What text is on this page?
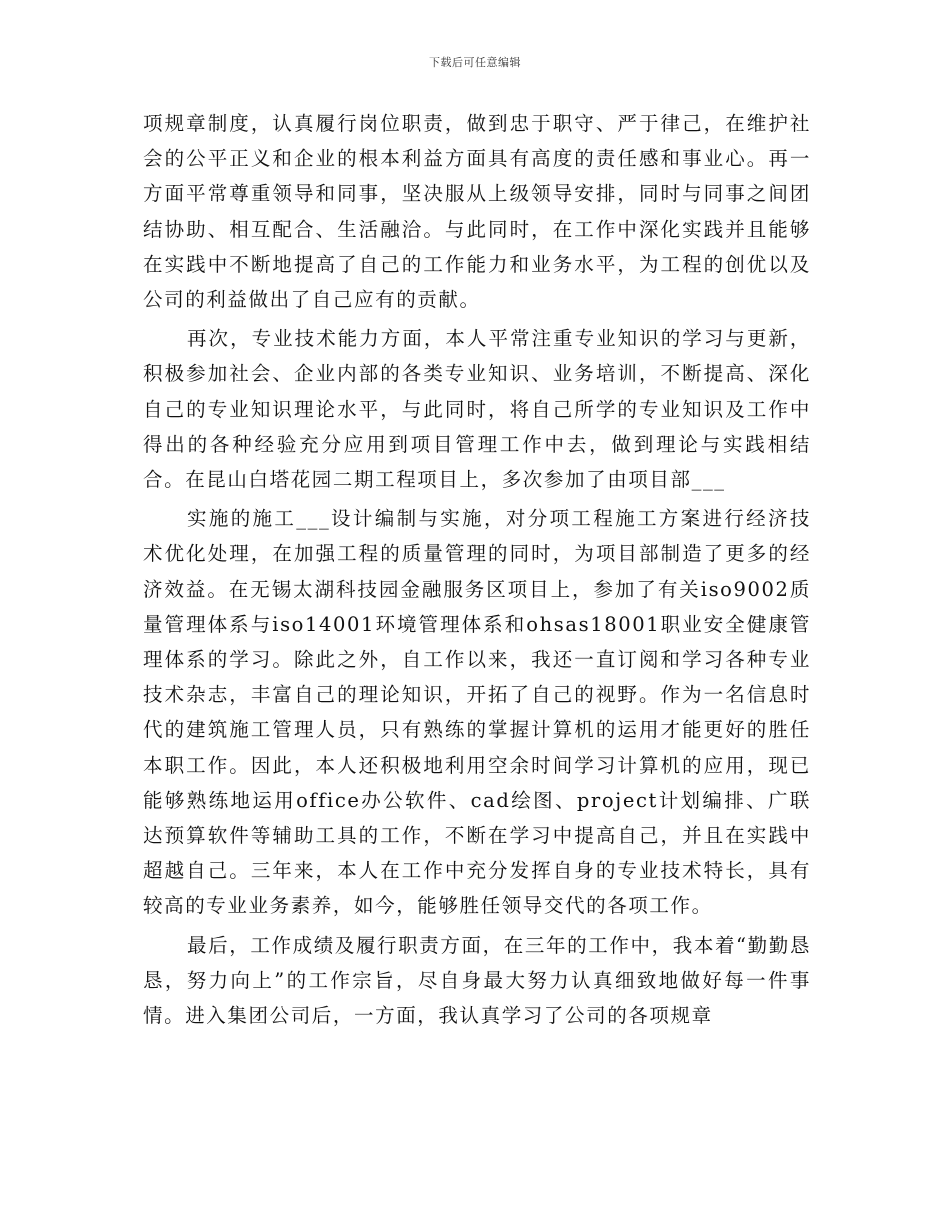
下载后可任意编辑

项规章制度，认真履行岗位职责，做到忠于职守、严于律己，在维护社会的公平正义和企业的根本利益方面具有高度的责任感和事业心。再一方面平常尊重领导和同事，坚决服从上级领导安排，同时与同事之间团结协助、相互配合、生活融洽。与此同时，在工作中深化实践并且能够在实践中不断地提高了自己的工作能力和业务水平，为工程的创优以及公司的利益做出了自己应有的贡献。

再次，专业技术能力方面，本人平常注重专业知识的学习与更新，积极参加社会、企业内部的各类专业知识、业务培训，不断提高、深化自己的专业知识理论水平，与此同时，将自己所学的专业知识及工作中得出的各种经验充分应用到项目管理工作中去，做到理论与实践相结合。在昆山白塔花园二期工程项目上，多次参加了由项目部___

实施的施工___设计编制与实施，对分项工程施工方案进行经济技术优化处理，在加强工程的质量管理的同时，为项目部制造了更多的经济效益。在无锡太湖科技园金融服务区项目上，参加了有关iso9002质量管理体系与iso14001环境管理体系和ohsas18001职业安全健康管理体系的学习。除此之外，自工作以来，我还一直订阅和学习各种专业技术杂志，丰富自己的理论知识，开拓了自己的视野。作为一名信息时代的建筑施工管理人员，只有熟练的掌握计算机的运用才能更好的胜任本职工作。因此，本人还积极地利用空余时间学习计算机的应用，现已能够熟练地运用office办公软件、cad绘图、project计划编排、广联达预算软件等辅助工具的工作，不断在学习中提高自己，并且在实践中超越自己。三年来，本人在工作中充分发挥自身的专业技术特长，具有较高的专业业务素养，如今，能够胜任领导交代的各项工作。

最后，工作成绩及履行职责方面，在三年的工作中，我本着“勤勤恳恳，努力向上”的工作宗旨，尽自身最大努力认真细致地做好每一件事情。进入集团公司后，一方面，我认真学习了公司的各项规章
